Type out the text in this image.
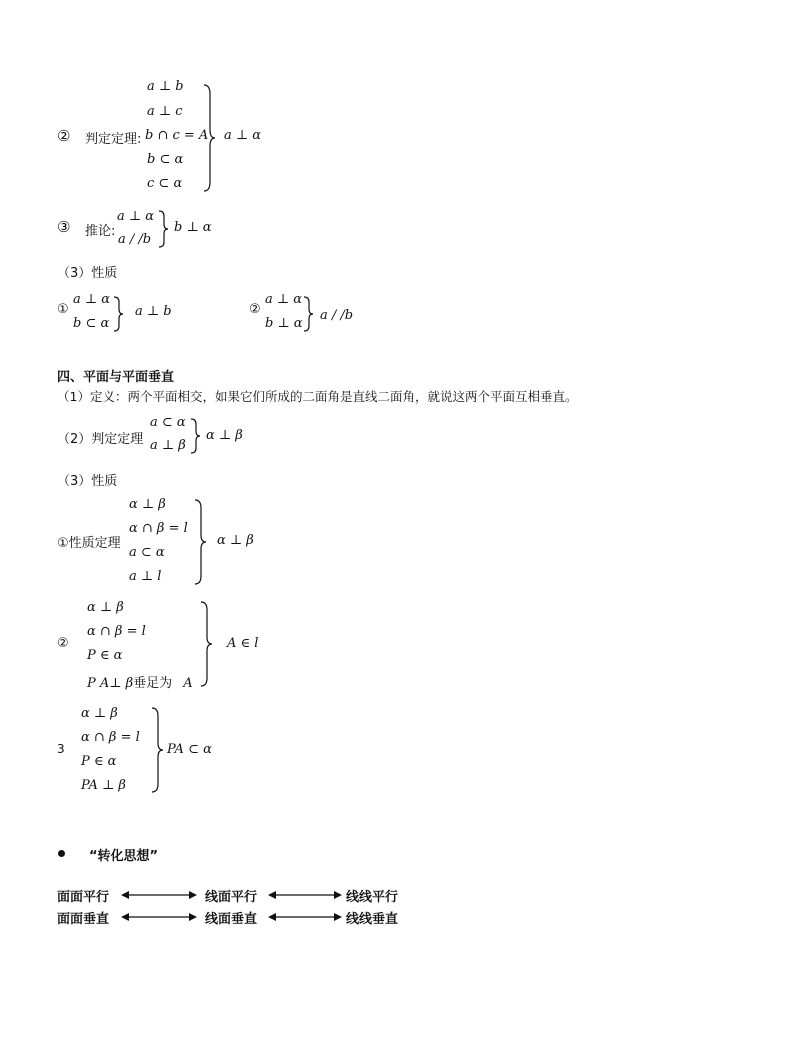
② 判定定理:
a ⊥ b
a ⊥ c
b ∩ c = A
b ⊂ α
c ⊂ α
a ⊥ α
③ 推论:
a ⊥ α
a / /b
b ⊥ α
（3）性质
①
a ⊥ α
b ⊂ α
a ⊥ b	②
a ⊥ α
b ⊥ α
a / /b
四、平面与平面垂直
（1）定义：两个平面相交，如果它们所成的二面角是直线二面角，就说这两个平面互相垂直。
（2）判定定理
a ⊂ α
a ⊥ β
α ⊥ β
（3）性质
①性质定理
α ⊥ β
α ∩ β = l
a ⊂ α
a ⊥ l
α ⊥ β
②
α ⊥ β
α ∩ β = l
P ∈ α
P A⊥ β垂足为 A
A ∈ l
3
α ⊥ β
α ∩ β = l
P ∈ α
PA ⊥ β
PA ⊂ α
“转化思想”
面面平行	线面平行	线线平行
面面垂直	线面垂直	线线垂直
